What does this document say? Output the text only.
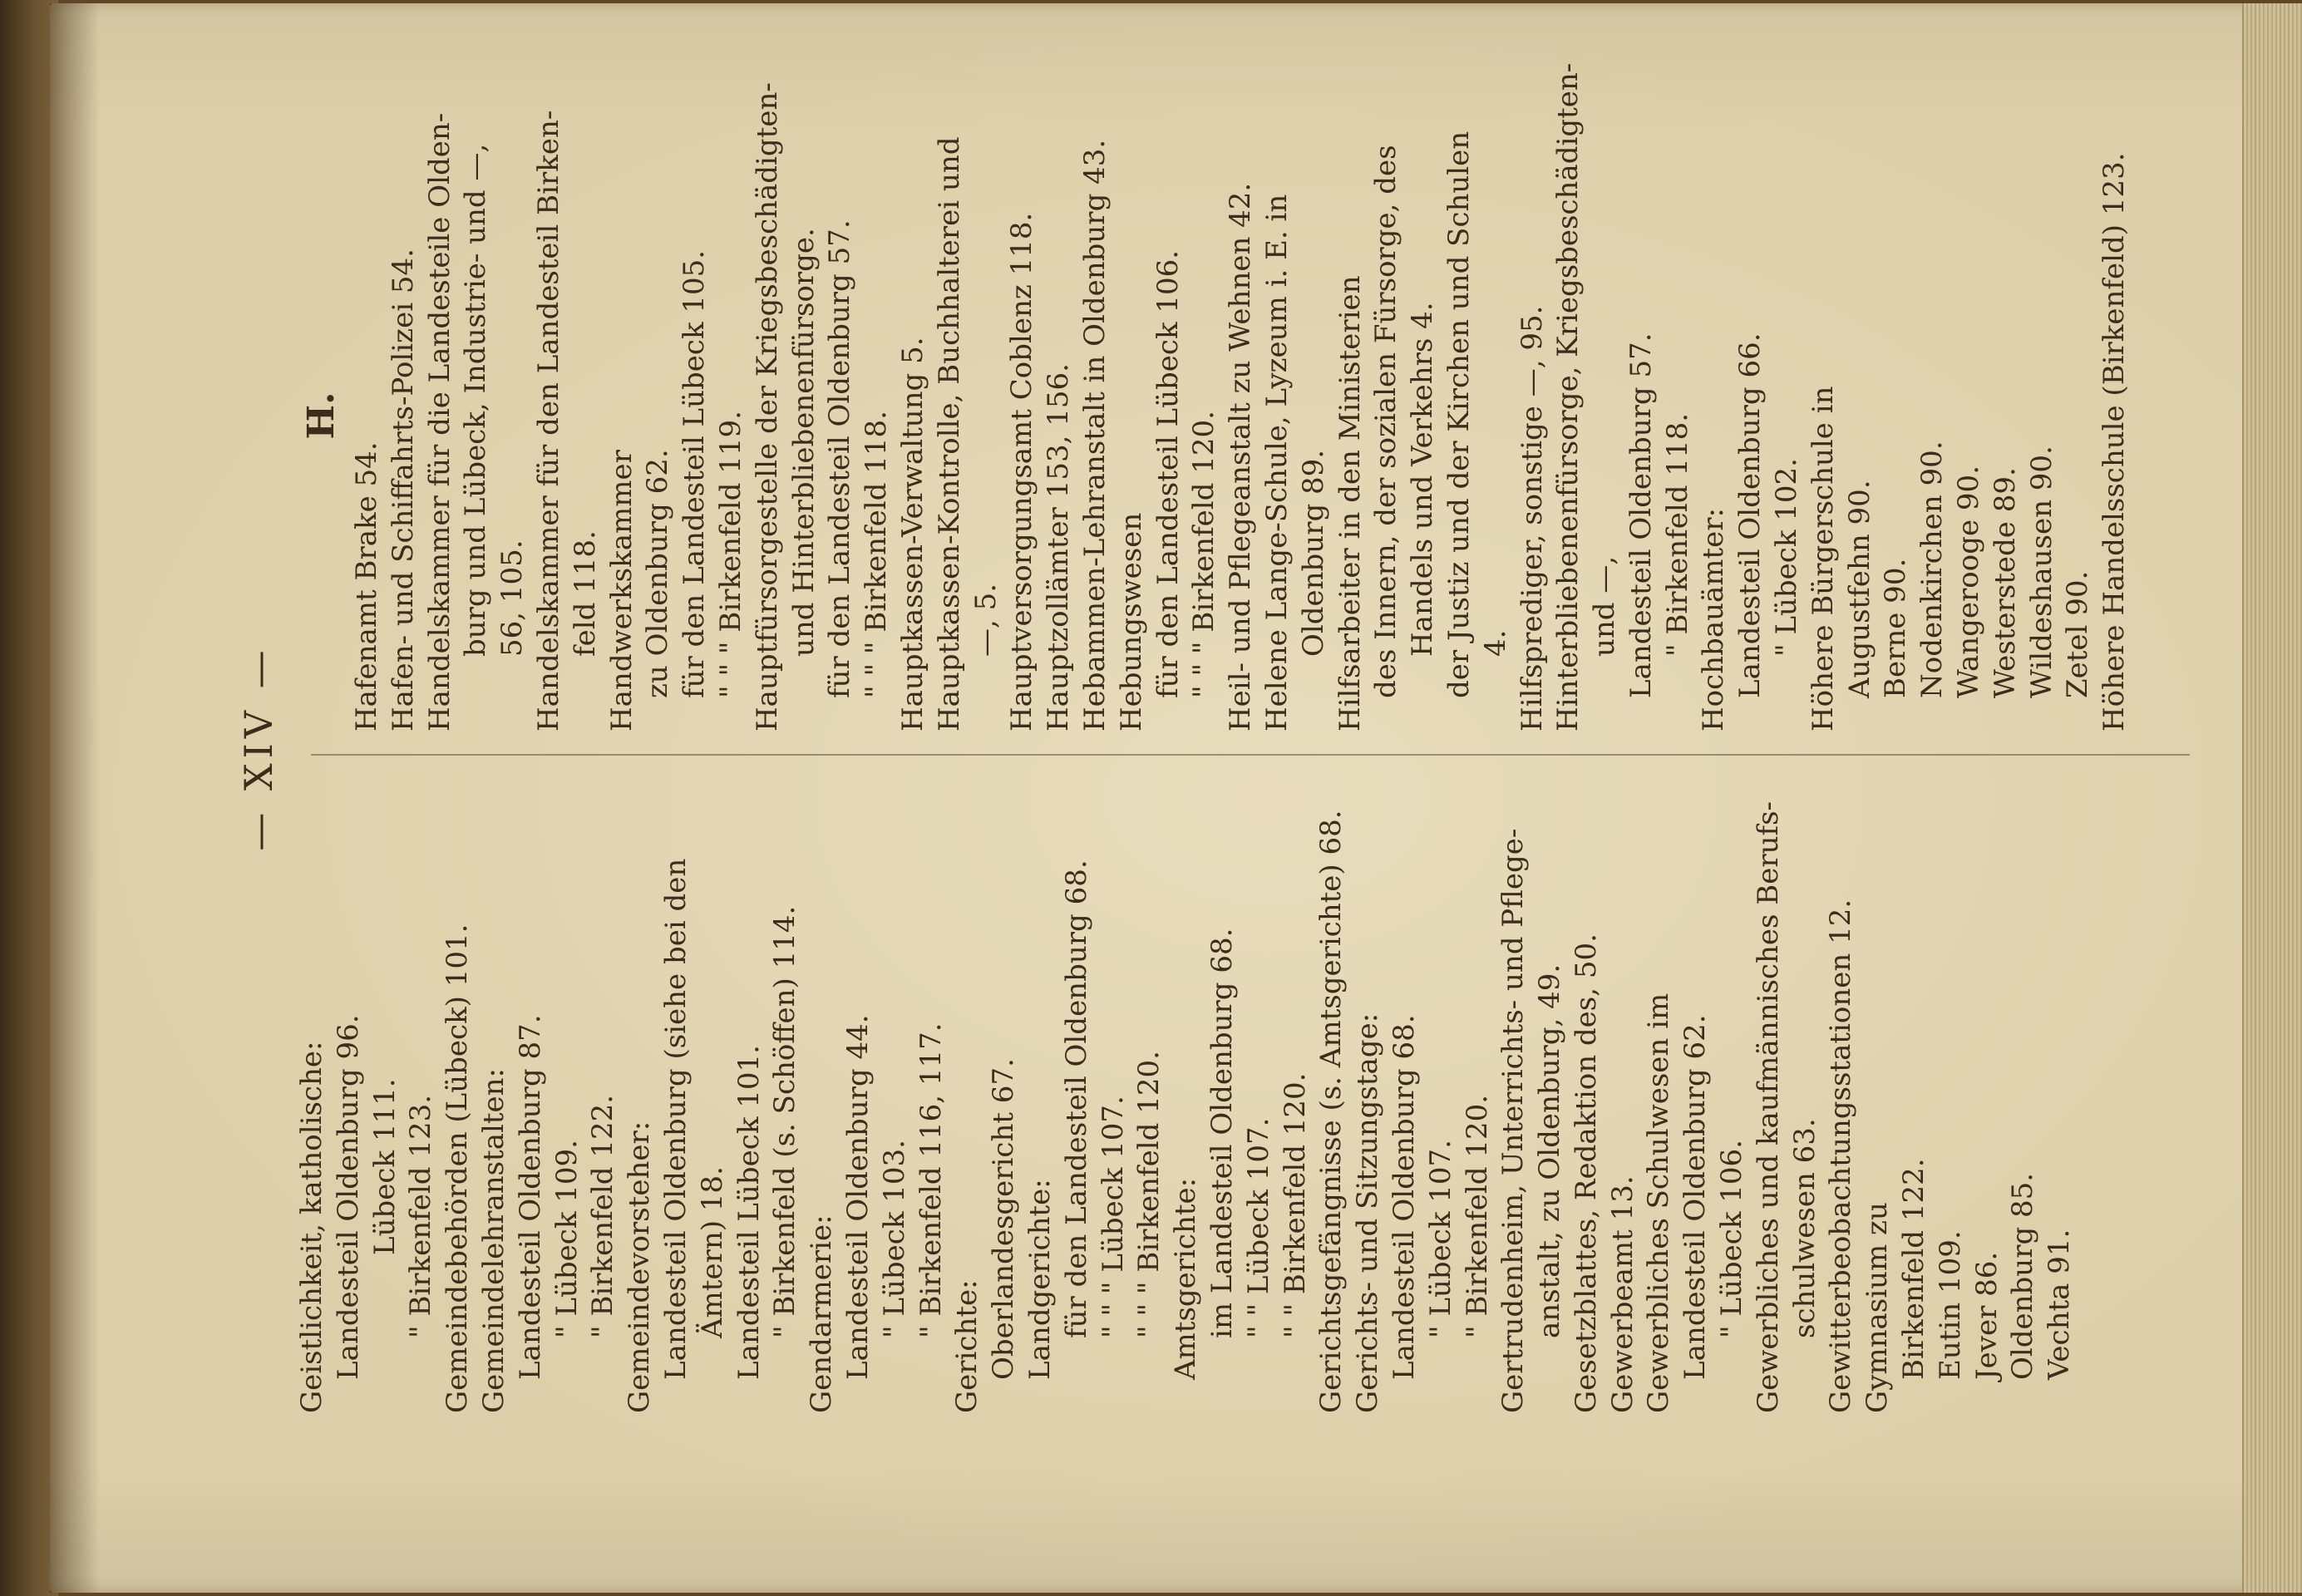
— XIV —
Geistlichkeit, katholische: Landesteil Oldenburg 96. Lübeck 111. " Birkenfeld 123. Gemeindebehörden (Lübeck) 101. Gemeindelehranstalten: Landesteil Oldenburg 87. " Lübeck 109. " Birkenfeld 122. Gemeindevorsteher: Landesteil Oldenburg (siehe bei den Ämtern) 18. Landesteil Lübeck 101. " Birkenfeld (s. Schöffen) 114. Gendarmerie: Landesteil Oldenburg 44. " Lübeck 103. " Birkenfeld 116, 117.
Gerichte: Oberlandesgericht 67. Landgerichte: für den Landesteil Oldenburg 68. " " " Lübeck 107. " " " Birkenfeld 120. Amtsgerichte: im Landesteil Oldenburg 68. " " Lübeck 107. " " Birkenfeld 120. Gerichtsgefängnisse (s. Amtsgerichte) 68. Gerichts- und Sitzungstage: Landesteil Oldenburg 68. " Lübeck 107. " Birkenfeld 120. Gertrudenheim, Unterrichts- und Pflege- anstalt, zu Oldenburg, 49. Gesetzblattes, Redaktion des, 50. Gewerbeamt 13. Gewerbliches Schulwesen im Landesteil Oldenburg 62. " Lübeck 106. Gewerbliches und kaufmännisches Berufs- schulwesen 63. Gewitterbeobachtungsstationen 12. Gymnasium zu Birkenfeld 122. Eutin 109. Jever 86. Oldenburg 85. Vechta 91.
H.
Hafenamt Brake 54. Hafen- und Schiffahrts-Polizei 54. Handelskammer für die Landesteile Olden- burg und Lübeck, Industrie- und —, 56, 105. Handelskammer für den Landesteil Birken- feld 118. Handwerkskammer zu Oldenburg 62. für den Landesteil Lübeck 105. " " " Birkenfeld 119. Hauptfürsorgestelle der Kriegsbeschädigten- und Hinterbliebenenfürsorge. für den Landesteil Oldenburg 57. " " " Birkenfeld 118. Hauptkassen-Verwaltung 5. Hauptkassen-Kontrolle, Buchhalterei und —, 5. Hauptversorgungsamt Coblenz 118. Hauptzollämter 153, 156. Hebammen-Lehranstalt in Oldenburg 43. Hebungswesen für den Landesteil Lübeck 106. " " " Birkenfeld 120. Heil- und Pflegeanstalt zu Wehnen 42. Helene Lange-Schule, Lyzeum i. E. in Oldenburg 89. Hilfsarbeiter in den Ministerien des Innern, der sozialen Fürsorge, des Handels und Verkehrs 4. der Justiz und der Kirchen und Schulen 4. Hilfsprediger, sonstige —, 95. Hinterbliebenenfürsorge, Kriegsbeschädigten- und —, Landesteil Oldenburg 57. " Birkenfeld 118. Hochbauämter: Landesteil Oldenburg 66. " Lübeck 102. Höhere Bürgerschule in Augustfehn 90. Berne 90. Nodenkirchen 90. Wangerooge 90. Westerstede 89. Wildeshausen 90. Zetel 90. Höhere Handelsschule (Birkenfeld) 123.
